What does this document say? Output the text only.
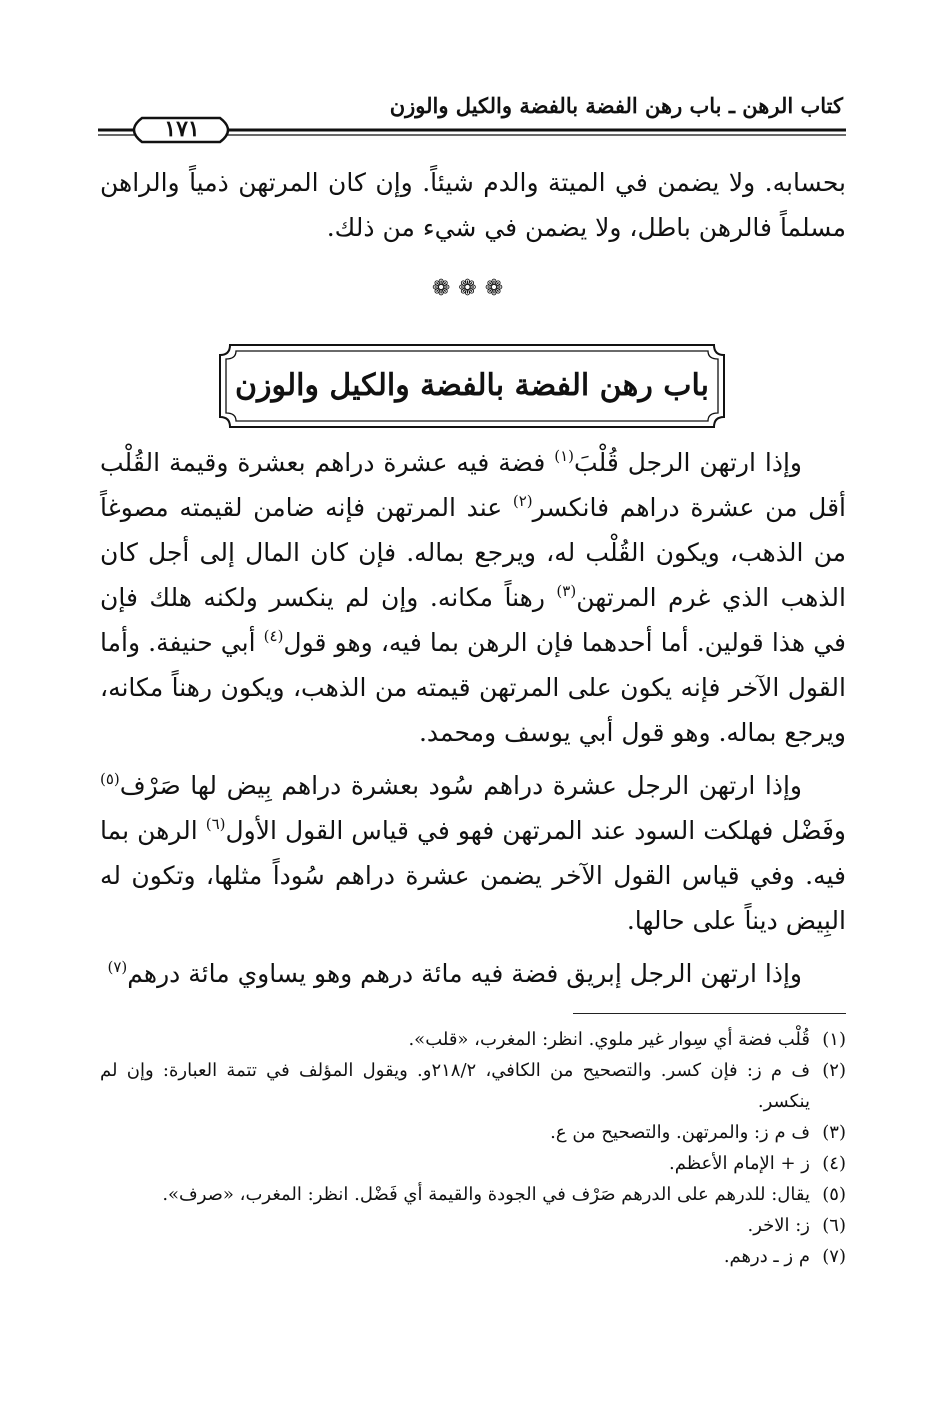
كتاب الرهن ـ باب رهن الفضة بالفضة والكيل والوزن
١٧١

بحسابه. ولا يضمن في الميتة والدم شيئاً. وإن كان المرتهن ذمياً والراهن مسلماً فالرهن باطل، ولا يضمن في شيء من ذلك.

❁❁❁
باب رهن الفضة بالفضة والكيل والوزن

وإذا ارتهن الرجل قُلْبَ$^{(١)}$ فضة فيه عشرة دراهم بعشرة وقيمة القُلْب أقل من عشرة دراهم فانكسر$^{(٢)}$ عند المرتهن فإنه ضامن لقيمته مصوغاً من الذهب، ويكون القُلْب له، ويرجع بماله. فإن كان المال إلى أجل كان الذهب الذي غرم المرتهن$^{(٣)}$ رهناً مكانه. وإن لم ينكسر ولكنه هلك فإن في هذا قولين. أما أحدهما فإن الرهن بما فيه، وهو قول$^{(٤)}$ أبي حنيفة. وأما القول الآخر فإنه يكون على المرتهن قيمته من الذهب، ويكون رهناً مكانه، ويرجع بماله. وهو قول أبي يوسف ومحمد.

وإذا ارتهن الرجل عشرة دراهم سُود بعشرة دراهم بِيض لها صَرْف$^{(٥)}$ وفَضْل فهلكت السود عند المرتهن فهو في قياس القول الأول$^{(٦)}$ الرهن بما فيه. وفي قياس القول الآخر يضمن عشرة دراهم سُوداً مثلها، وتكون له البِيض ديناً على حالها.

وإذا ارتهن الرجل إبريق فضة فيه مائة درهم وهو يساوي مائة درهم$^{(٧)}$

(١)
قُلْب فضة أي سِوار غير ملوي. انظر: المغرب، «قلب».
(٢)
ف م ز: فإن كسر. والتصحيح من الكافي، ٢١٨/٢و. ويقول المؤلف في تتمة العبارة: وإن لم ينكسر.
(٣)
ف م ز: والمرتهن. والتصحيح من ع.
(٤)
ز + الإمام الأعظم.
(٥)
يقال: للدرهم على الدرهم صَرْف في الجودة والقيمة أي فَضْل. انظر: المغرب، «صرف».
(٦)
ز: الاخر.
(٧)
م ز ـ درهم.
